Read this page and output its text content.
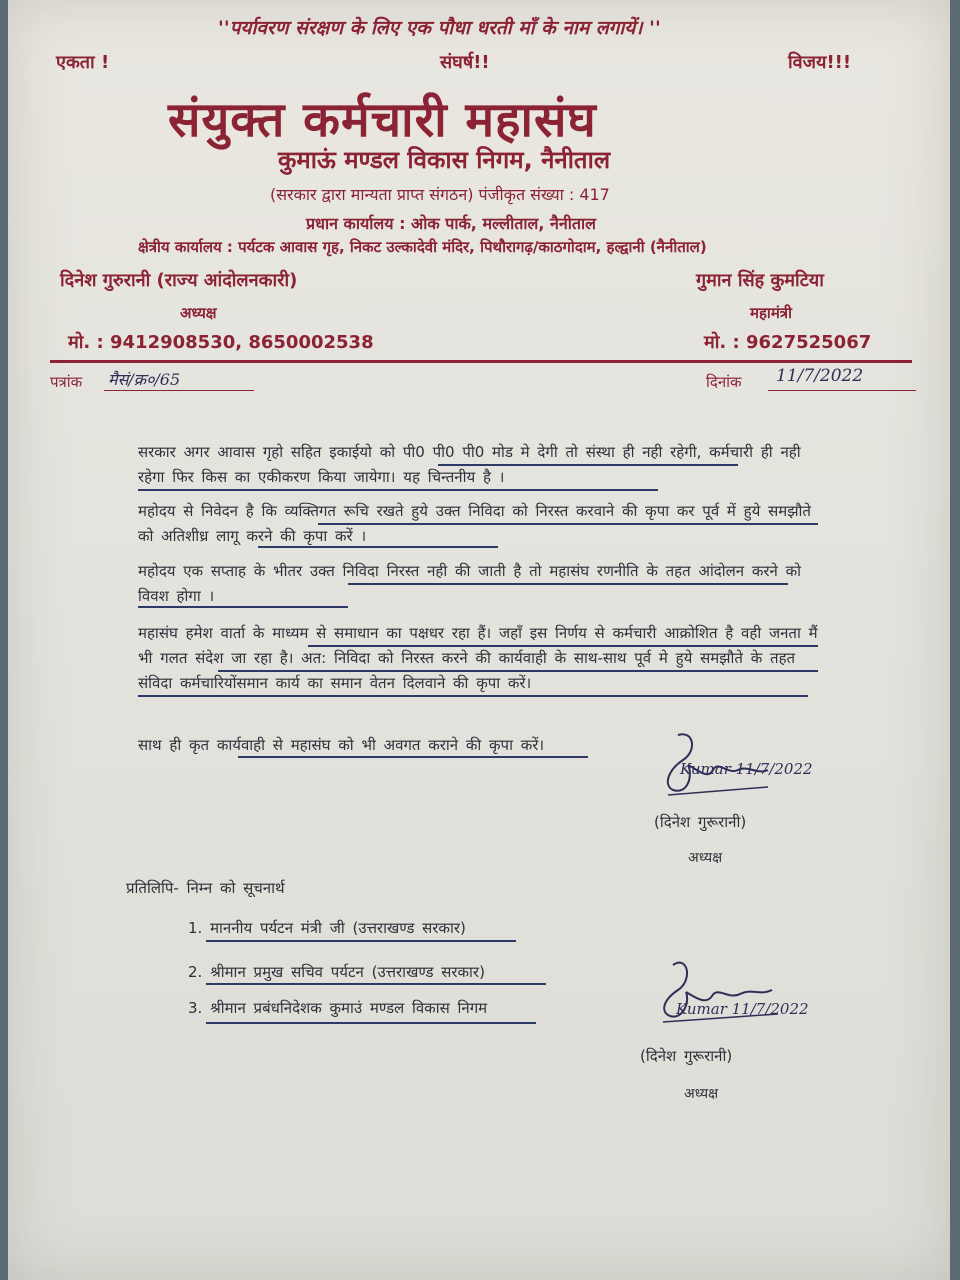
''पर्यावरण संरक्षण के लिए एक पौधा धरती माँ के नाम लगायें। ''
एकता !	संघर्ष!!	विजय!!!
संयुक्त कर्मचारी महासंघ
कुमाऊं मण्डल विकास निगम, नैनीताल
(सरकार द्वारा मान्यता प्राप्त संगठन) पंजीकृत संख्या : 417
प्रधान कार्यालय : ओक पार्क, मल्लीताल, नैनीताल
क्षेत्रीय कार्यालय : पर्यटक आवास गृह, निकट उल्कादेवी मंदिर, पिथौरागढ़/काठगोदाम, हल्द्वानी (नैनीताल)
दिनेश गुरुरानी (राज्य आंदोलनकारी)
अध्यक्ष
मो. : 9412908530, 8650002538
गुमान सिंह कुमटिया
महामंत्री
मो. : 9627525067
पत्रांक मैसं/क्र०/65	दिनांक 11/7/2022
सरकार अगर आवास गृहो सहित इकाईयो को पी0 पी0 पी0 मोड मे देगी तो संस्था ही नही रहेगी, कर्मचारी ही नही रहेगा फिर किस का एकीकरण किया जायेगा। यह चिन्तनीय है ।
महोदय से निवेदन है कि व्यक्तिगत रूचि रखते हुये उक्त निविदा को निरस्त करवाने की कृपा कर पूर्व में हुये समझौते को अतिशीध्र लागू करने की कृपा करें ।
महोदय एक सप्ताह के भीतर उक्त निविदा निरस्त नही की जाती है तो महासंघ रणनीति के तहत आंदोलन करने को विवश होगा ।
महासंघ हमेश वार्ता के माध्यम से समाधान का पक्षधर रहा हैं। जहाँ इस निर्णय से कर्मचारी आक्रोशित है वही जनता मैं भी गलत संदेश जा रहा है। अत: निविदा को निरस्त करने की कार्यवाही के साथ-साथ पूर्व मे हुये समझौते के तहत संविदा कर्मचारियोंसमान कार्य का समान वेतन दिलवाने की कृपा करें।
साथ ही कृत कार्यवाही से महासंघ को भी अवगत कराने की कृपा करें।
Kumar 11/7/2022
(दिनेश गुरूरानी)
अध्यक्ष
प्रतिलिपि- निम्न को सूचनार्थ
1. माननीय पर्यटन मंत्री जी (उत्तराखण्ड सरकार)
2. श्रीमान प्रमुख सचिव पर्यटन (उत्तराखण्ड सरकार)
3. श्रीमान प्रबंधनिदेशक कुमाउं मण्डल विकास निगम	Kumar 11/7/2022
(दिनेश गुरूरानी)
अध्यक्ष
